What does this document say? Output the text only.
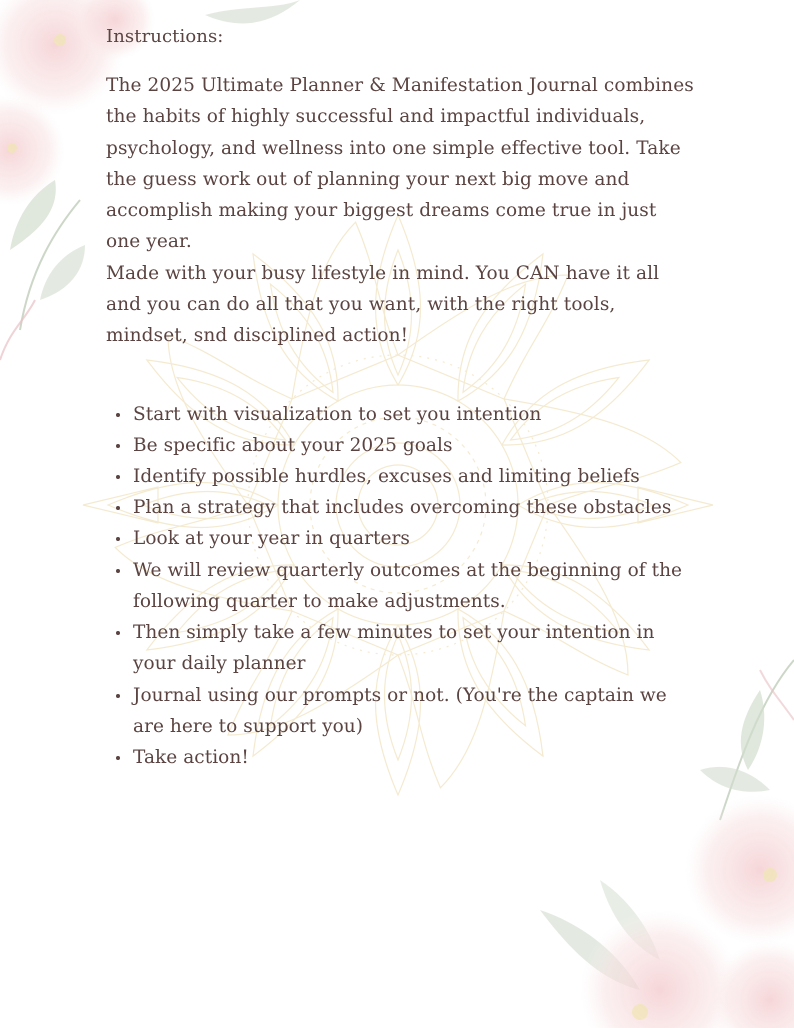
Instructions:

The 2025 Ultimate Planner & Manifestation Journal combines the habits of highly successful and impactful individuals, psychology, and wellness into one simple effective tool. Take the guess work out of planning your next big move and accomplish making your biggest dreams come true in just one year.

Made with your busy lifestyle in mind. You CAN have it all and you can do all that you want, with the right tools, mindset, snd disciplined action!

Start with visualization to set you intention
Be specific about your 2025 goals
Identify possible hurdles, excuses and limiting beliefs
Plan a strategy that includes overcoming these obstacles
Look at your year in quarters
We will review quarterly outcomes at the beginning of the following quarter to make adjustments.
Then simply take a few minutes to set your intention in your daily planner
Journal using our prompts or not. (You're the captain we are here to support you)
Take action!
